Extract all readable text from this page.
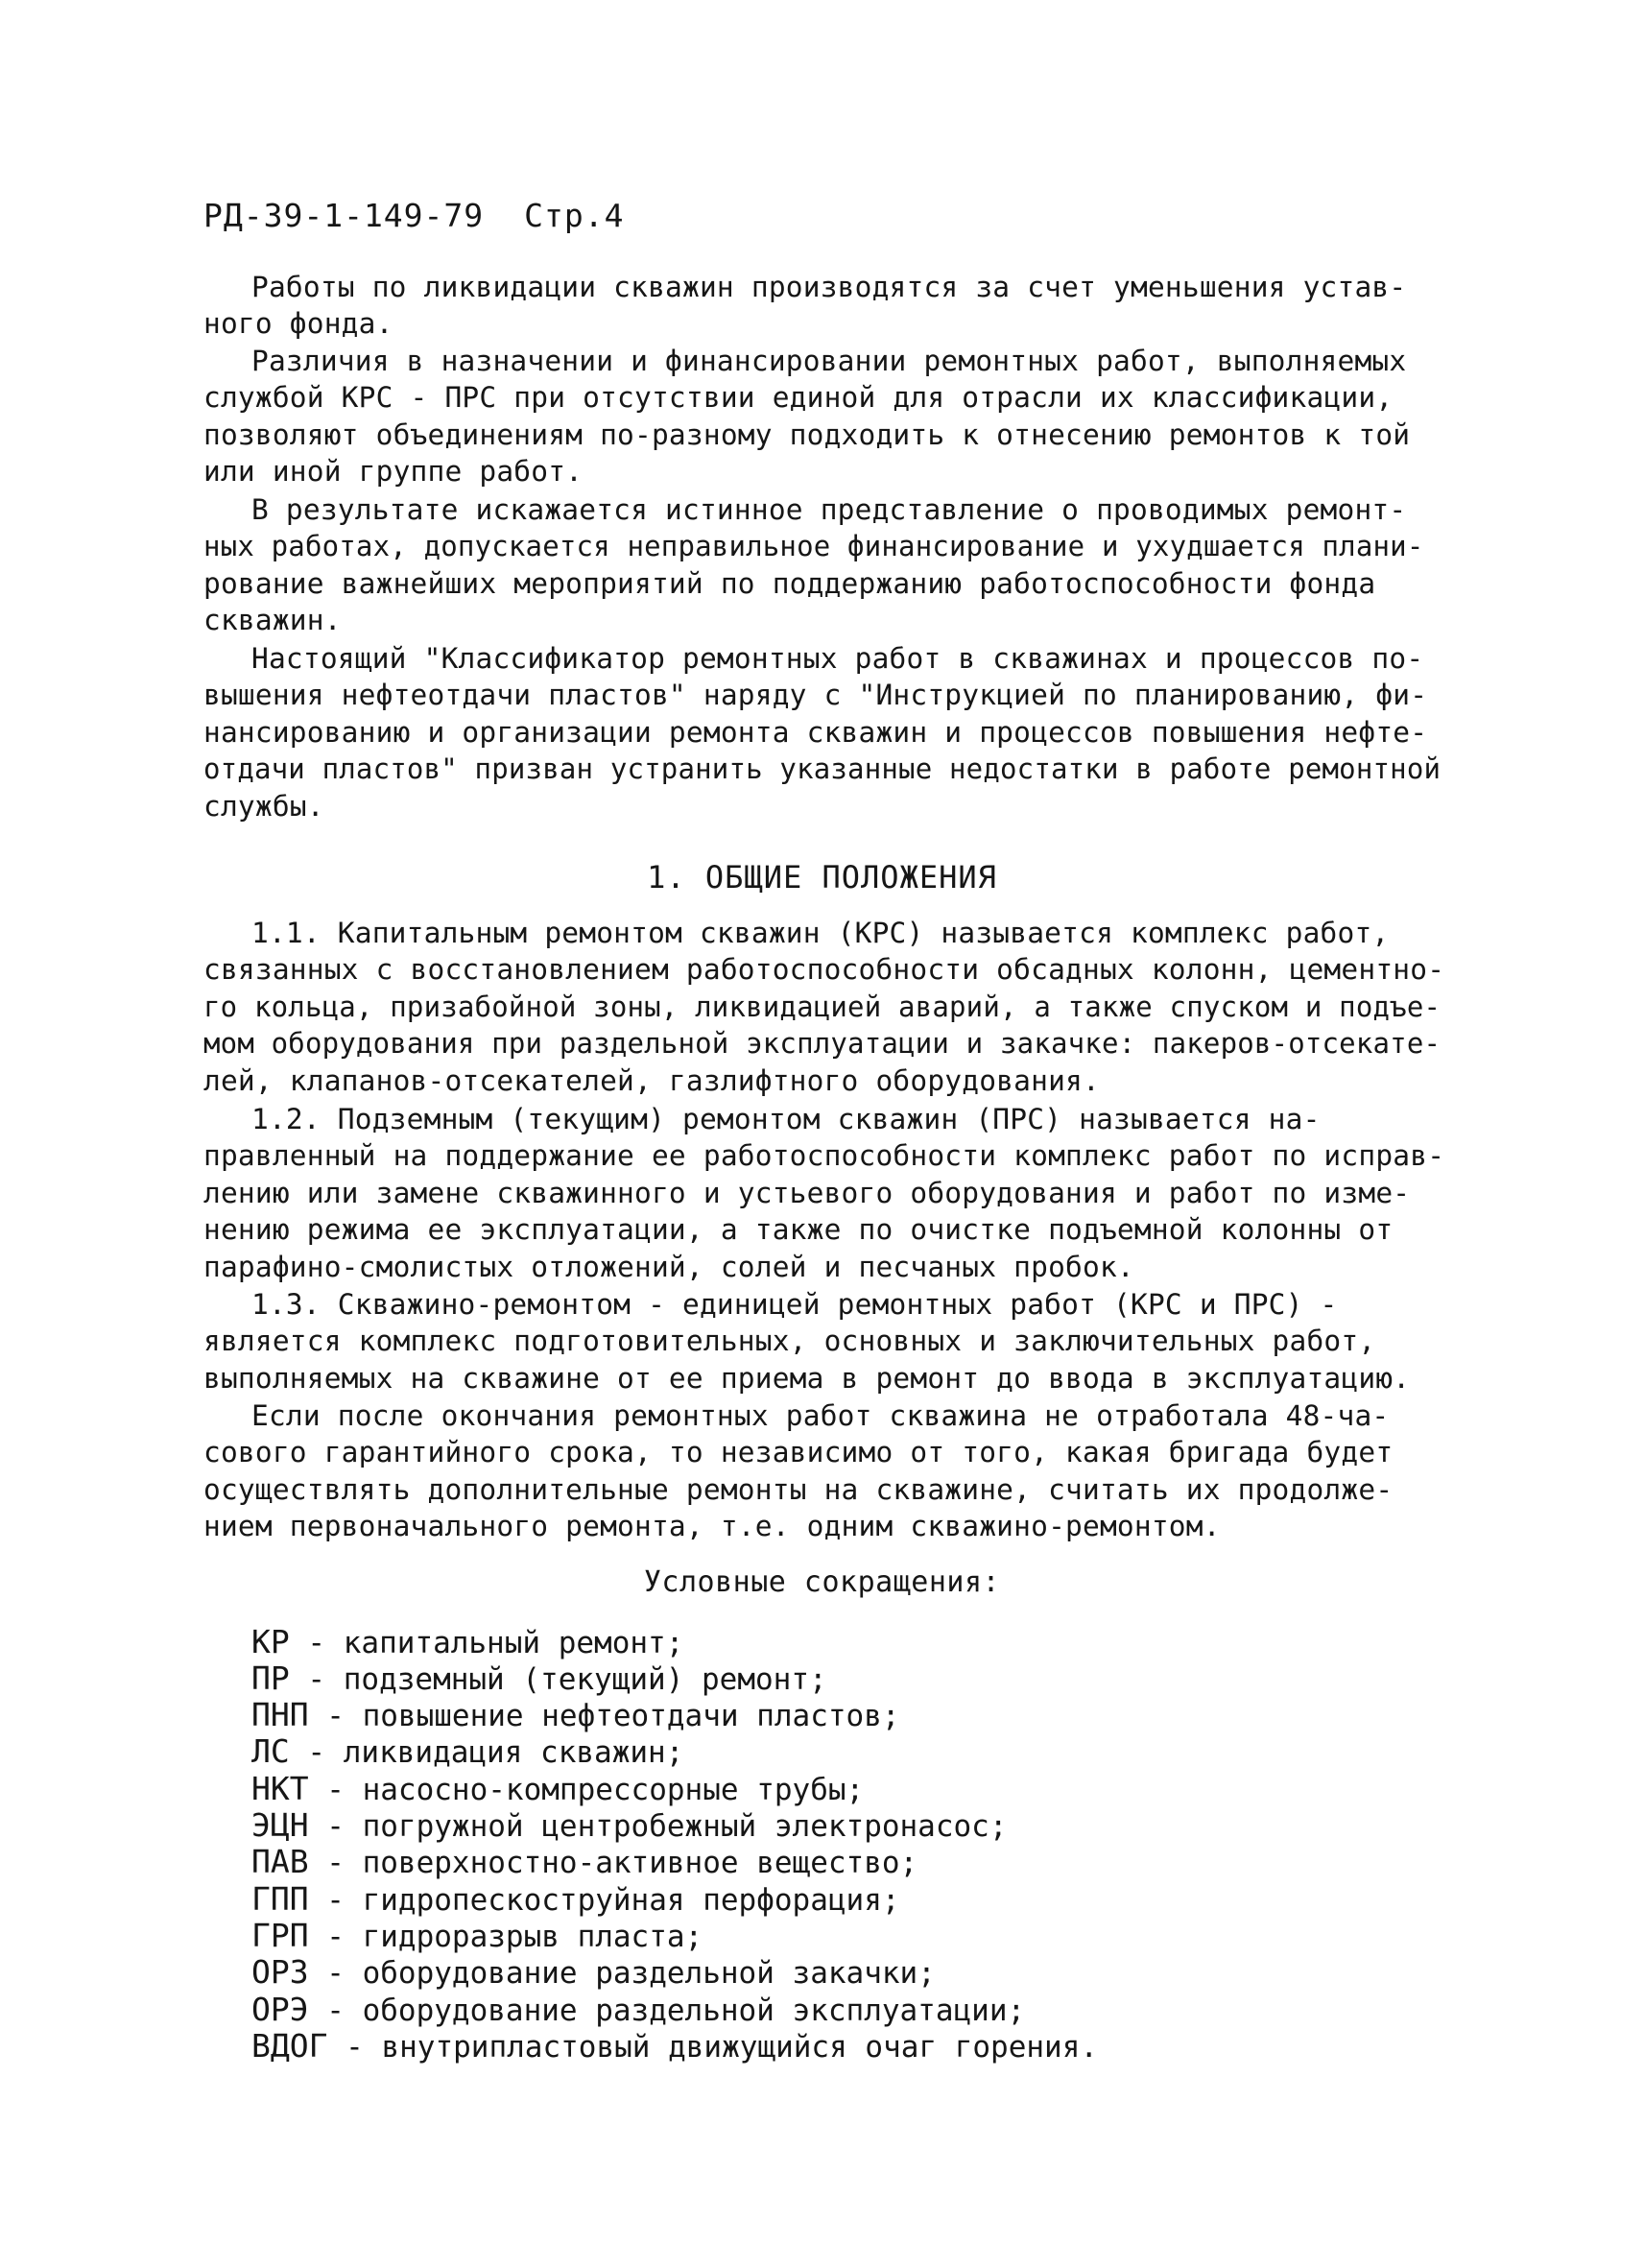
РД-39-1-149-79 Стр.4
Работы по ликвидации скважин производятся за счет уменьшения устав-
ного фонда.
Различия в назначении и финансировании ремонтных работ, выполняемых
службой КРС - ПРС при отсутствии единой для отрасли их классификации,
позволяют объединениям по-разному подходить к отнесению ремонтов к той
или иной группе работ.
В результате искажается истинное представление о проводимых ремонт-
ных работах, допускается неправильное финансирование и ухудшается плани-
рование важнейших мероприятий по поддержанию работоспособности фонда
скважин.
Настоящий "Классификатор ремонтных работ в скважинах и процессов по-
вышения нефтеотдачи пластов" наряду с "Инструкцией по планированию, фи-
нансированию и организации ремонта скважин и процессов повышения нефте-
отдачи пластов" призван устранить указанные недостатки в работе ремонтной
службы.
1. ОБЩИЕ ПОЛОЖЕНИЯ
1.1. Капитальным ремонтом скважин (КРС) называется комплекс работ,
связанных с восстановлением работоспособности обсадных колонн, цементно-
го кольца, призабойной зоны, ликвидацией аварий, а также спуском и подъе-
мом оборудования при раздельной эксплуатации и закачке: пакеров-отсекате-
лей, клапанов-отсекателей, газлифтного оборудования.
1.2. Подземным (текущим) ремонтом скважин (ПРС) называется на-
правленный на поддержание ее работоспособности комплекс работ по исправ-
лению или замене скважинного и устьевого оборудования и работ по изме-
нению режима ее эксплуатации, а также по очистке подъемной колонны от
парафино-смолистых отложений, солей и песчаных пробок.
1.3. Скважино-ремонтом - единицей ремонтных работ (КРС и ПРС) -
является комплекс подготовительных, основных и заключительных работ,
выполняемых на скважине от ее приема в ремонт до ввода в эксплуатацию.
Если после окончания ремонтных работ скважина не отработала 48-ча-
сового гарантийного срока, то независимо от того, какая бригада будет
осуществлять дополнительные ремонты на скважине, считать их продолже-
нием первоначального ремонта, т.е. одним скважино-ремонтом.
Условные сокращения:
КР - капитальный ремонт;
ПР - подземный (текущий) ремонт;
ПНП - повышение нефтеотдачи пластов;
ЛС - ликвидация скважин;
НКТ - насосно-компрессорные трубы;
ЭЦН - погружной центробежный электронасос;
ПАВ - поверхностно-активное вещество;
ГПП - гидропескоструйная перфорация;
ГРП - гидроразрыв пласта;
ОРЗ - оборудование раздельной закачки;
ОРЭ - оборудование раздельной эксплуатации;
ВДОГ - внутрипластовый движущийся очаг горения.
